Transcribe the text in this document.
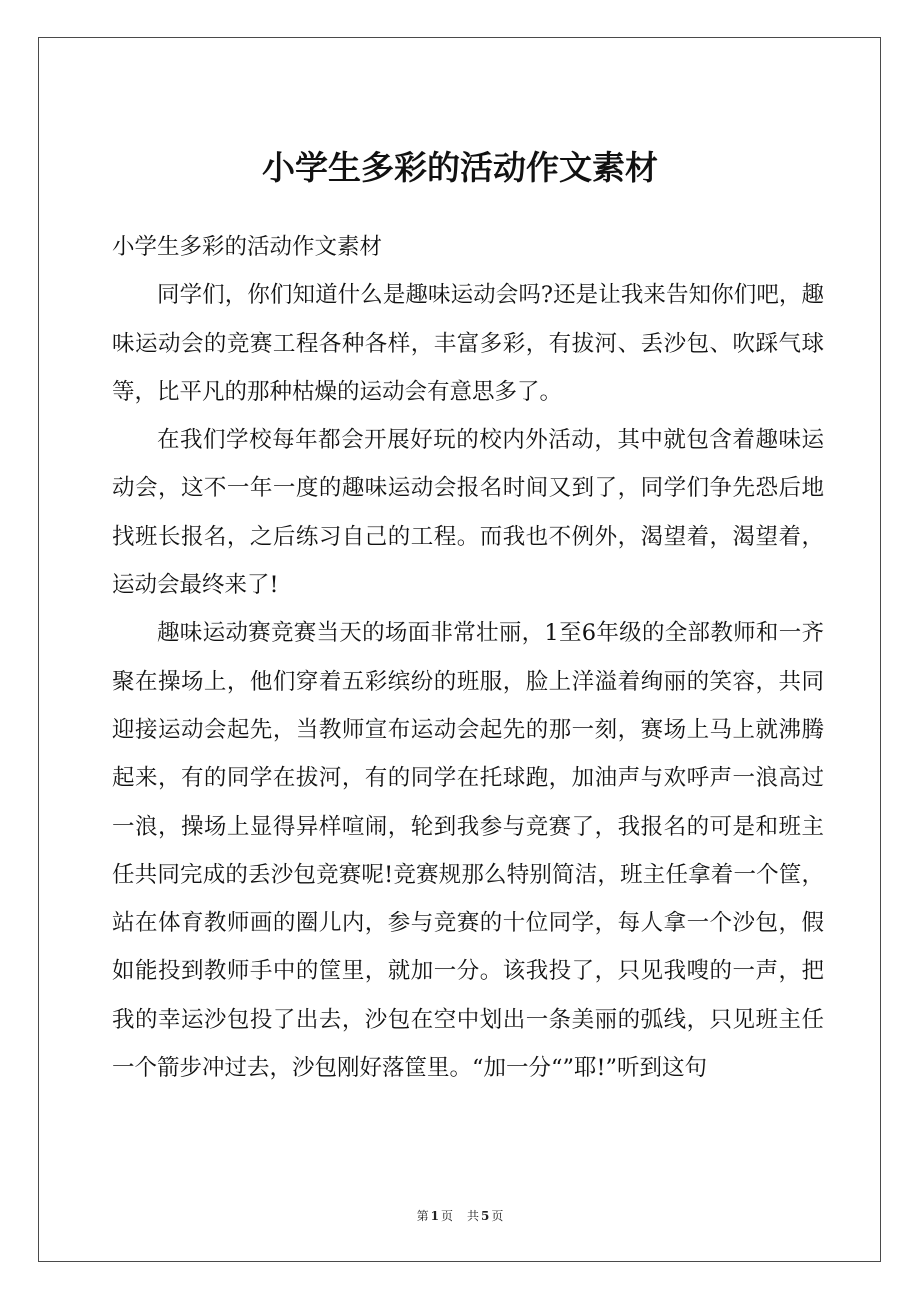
小学生多彩的活动作文素材

小学生多彩的活动作文素材

同学们，你们知道什么是趣味运动会吗?还是让我来告知你们吧，趣味运动会的竞赛工程各种各样，丰富多彩，有拔河、丢沙包、吹踩气球等，比平凡的那种枯燥的运动会有意思多了。

在我们学校每年都会开展好玩的校内外活动，其中就包含着趣味运动会，这不一年一度的趣味运动会报名时间又到了，同学们争先恐后地找班长报名，之后练习自己的工程。而我也不例外，渴望着，渴望着，运动会最终来了!

趣味运动赛竞赛当天的场面非常壮丽，1至6年级的全部教师和一齐聚在操场上，他们穿着五彩缤纷的班服，脸上洋溢着绚丽的笑容，共同迎接运动会起先，当教师宣布运动会起先的那一刻，赛场上马上就沸腾起来，有的同学在拔河，有的同学在托球跑，加油声与欢呼声一浪高过一浪，操场上显得异样喧闹，轮到我参与竞赛了，我报名的可是和班主任共同完成的丢沙包竞赛呢!竞赛规那么特别简洁，班主任拿着一个筐，站在体育教师画的圈儿内，参与竞赛的十位同学，每人拿一个沙包，假如能投到教师手中的筐里，就加一分。该我投了，只见我嗖的一声，把我的幸运沙包投了出去，沙包在空中划出一条美丽的弧线，只见班主任一个箭步冲过去，沙包刚好落筐里。“加一分“”耶!”听到这句

第 1 页 共 5 页
